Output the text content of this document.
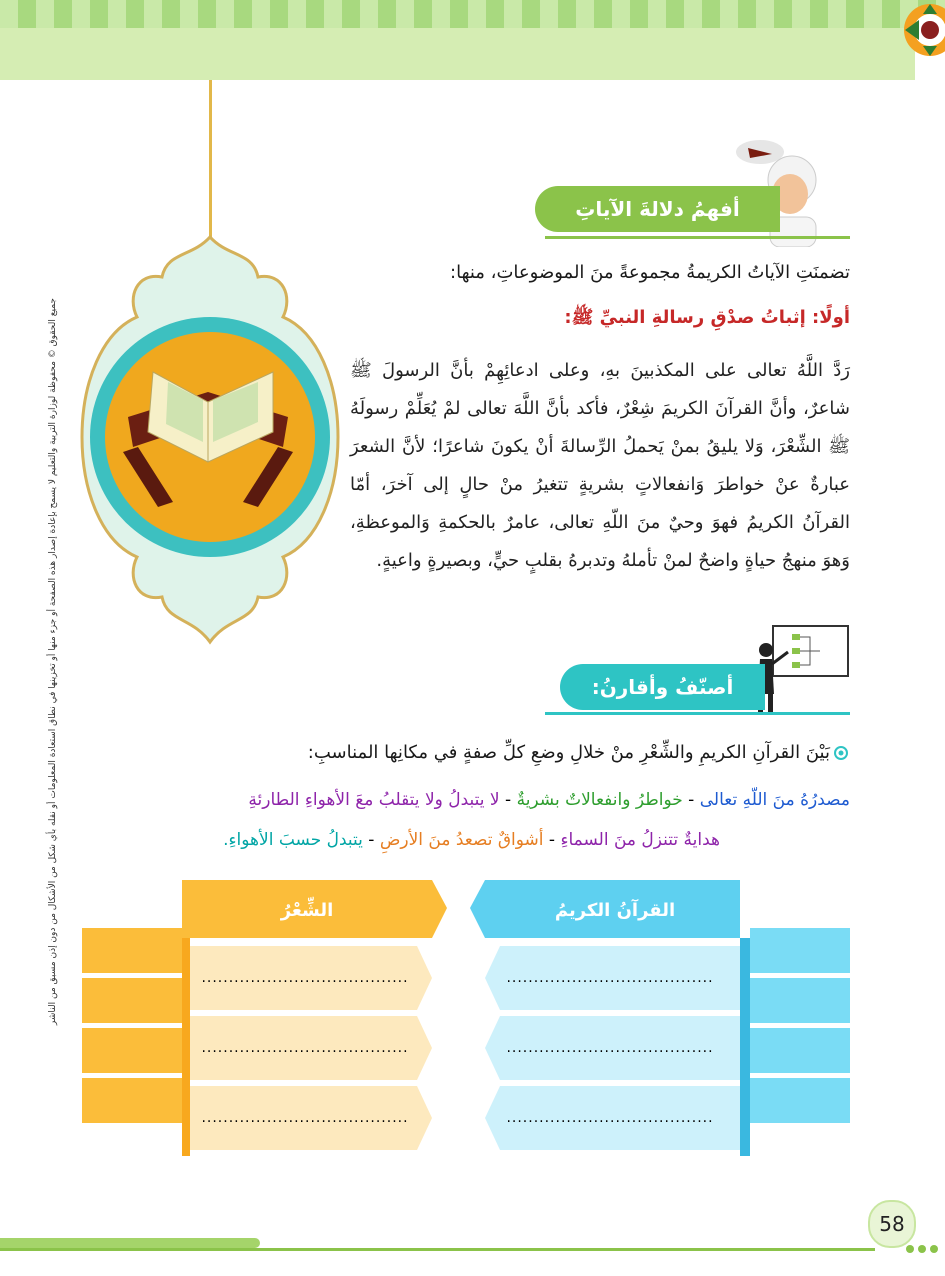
جميع الحقوق © محفوظة لوزارة التربية والتعليم لا يسمح بإعادة إصدار هذه الصفحة أو جزء منها أو تخزينها في نطاق استعادة المعلومات أو نقله بأي شكل من الأشكال من دون إذن مسبق من الناشر
أفهمُ دلالةَ الآياتِ
تضمنَتِ الآياتُ الكريمةُ مجموعةً منَ الموضوعاتِ، منها:
أولًا: إثباتُ صدْقِ رسالةِ النبيِّ ﷺ:
رَدَّ اللَّهُ تعالى على المكذبينَ بهِ، وعلى ادعائِهِمْ بأنَّ الرسولَ ﷺ شاعرٌ، وأنَّ القرآنَ الكريمَ شِعْرٌ، فأكد بأنَّ اللَّهَ تعالى لمْ يُعَلِّمْ رسولَهُ ﷺ الشِّعْرَ، وَلا يليقُ بمنْ يَحملُ الرِّسالةَ أنْ يكونَ شاعرًا؛ لأنَّ الشعرَ عبارةٌ عنْ خواطرَ وَانفعالاتٍ بشريةٍ تتغيرُ منْ حالٍ إلى آخرَ، أمّا القرآنُ الكريمُ فهوَ وحيٌ منَ اللّهِ تعالى، عامرٌ بالحكمةِ وَالموعظةِ، وَهوَ منهجُ حياةٍ واضحٌ لمنْ تأملهُ وتدبرهُ بقلبٍ حيٍّ، وبصيرةٍ واعيةٍ.
أصنّفُ وأقارنُ:
بَيْنَ القرآنِ الكريمِ والشِّعْرِ منْ خلالِ وضعِ كلِّ صفةٍ في مكانِها المناسبِ:
مصدرُهُ منَ اللّهِ تعالى - خواطرُ وانفعالاتٌ بشريةٌ - لا يتبدلُ ولا يتقلبُ معَ الأهواءِ الطارئةِ
هدايةٌ تتنزلُ منَ السماءِ - أشواقٌ تصعدُ منَ الأرضِ - يتبدلُ حسبَ الأهواءِ.
الشِّعْرُ
......................................
......................................
......................................
القرآنُ الكريمُ
......................................
......................................
......................................
58
